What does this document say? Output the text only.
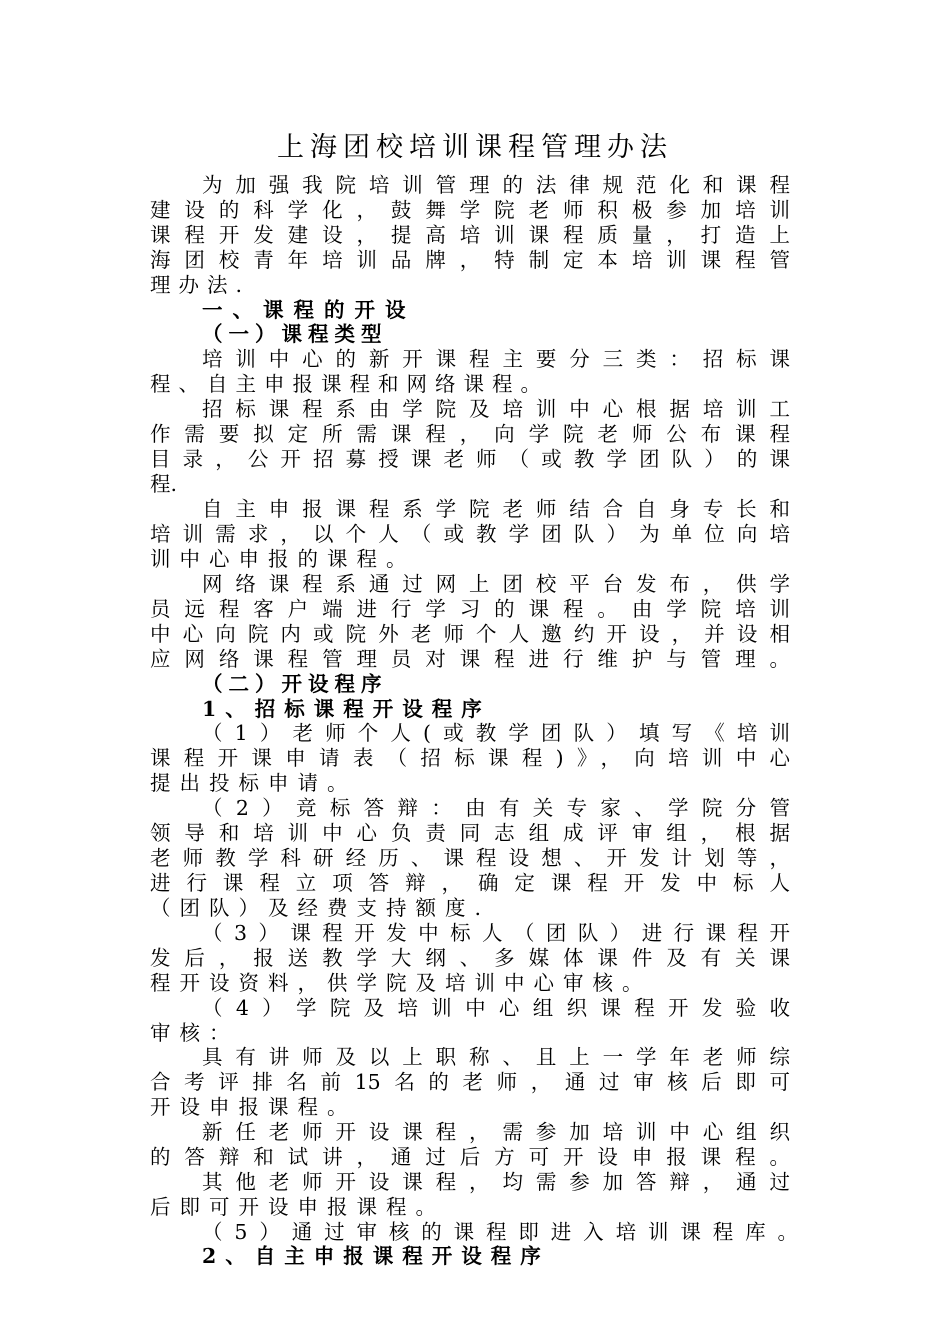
上海团校培训课程管理办法
为加强我院培训管理的法律规范化和课程
建设的科学化，鼓舞学院老师积极参加培训
课程开发建设，提高培训课程质量，打造上
海团校青年培训品牌，特制定本培训课程管
理办法.
一、课程的开设
（一）课程类型
培训中心的新开课程主要分三类：招标课
程、自主申报课程和网络课程。
招标课程系由学院及培训中心根据培训工
作需要拟定所需课程，向学院老师公布课程
目录，公开招募授课老师（或教学团队）的课
程.
自主申报课程系学院老师结合自身专长和
培训需求，以个人（或教学团队）为单位向培
训中心申报的课程。
网络课程系通过网上团校平台发布，供学
员远程客户端进行学习的课程。由学院培训
中心向院内或院外老师个人邀约开设，并设相
应网络课程管理员对课程进行维护与管理。
（二）开设程序
1、招标课程开设程序
（1）老师个人(或教学团队）填写《培训
课程开课申请表（招标课程)》，向培训中心
提出投标申请。
（2）竞标答辩：由有关专家、学院分管
领导和培训中心负责同志组成评审组，根据
老师教学科研经历、课程设想、开发计划等，
进行课程立项答辩，确定课程开发中标人
（团队）及经费支持额度.
（3）课程开发中标人（团队）进行课程开
发后，报送教学大纲、多媒体课件及有关课
程开设资料，供学院及培训中心审核。
（4）学院及培训中心组织课程开发验收
审核：
具有讲师及以上职称、且上一学年老师综
合考评排名前15名的老师，通过审核后即可
开设申报课程。
新任老师开设课程，需参加培训中心组织
的答辩和试讲，通过后方可开设申报课程。
其他老师开设课程，均需参加答辩，通过
后即可开设申报课程。
（5）通过审核的课程即进入培训课程库。
2、自主申报课程开设程序
